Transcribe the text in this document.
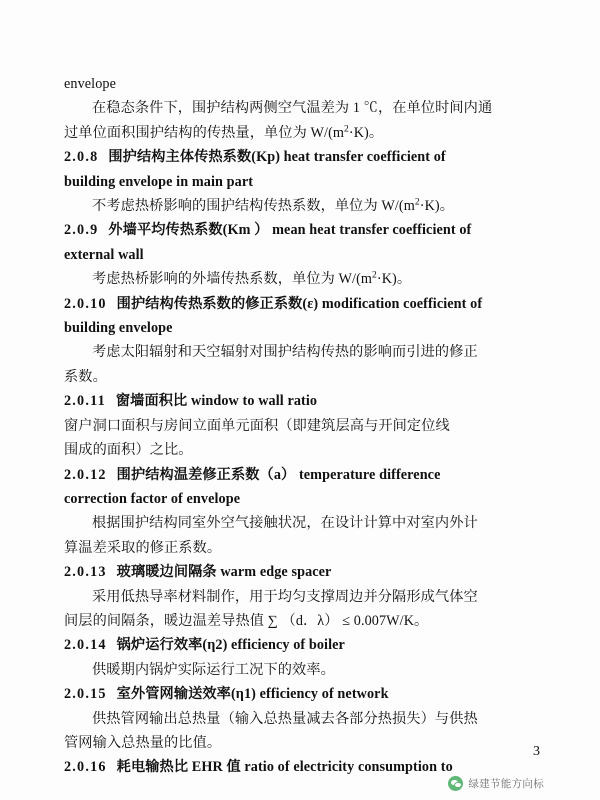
envelope

在稳态条件下，围护结构两侧空气温差为 1 ℃，在单位时间内通

过单位面积围护结构的传热量，单位为 $W/(m^2\cdot K)$。

2.0.8 围护结构主体传热系数(Kp) heat transfer coefficient of

building envelope in main part

不考虑热桥影响的围护结构传热系数，单位为 $W/(m^2\cdot K)$。

2.0.9 外墙平均传热系数(Km ） mean heat transfer coefficient of

external wall

考虑热桥影响的外墙传热系数，单位为 $W/(m^2\cdot K)$。

2.0.10 围护结构传热系数的修正系数(ε) modification coefficient of

building envelope

考虑太阳辐射和天空辐射对围护结构传热的影响而引进的修正

系数。

2.0.11 窗墙面积比 window to wall ratio

窗户洞口面积与房间立面单元面积（即建筑层高与开间定位线

围成的面积）之比。

2.0.12 围护结构温差修正系数（a） temperature difference

correction factor of envelope

根据围护结构同室外空气接触状况，在设计计算中对室内外计

算温差采取的修正系数。

2.0.13 玻璃暖边间隔条 warm edge spacer

采用低热导率材料制作，用于均匀支撑周边并分隔形成气体空

间层的间隔条，暖边温差导热值 ∑ （d．λ） ≤ 0.007W/K。

2.0.14 锅炉运行效率(η2) efficiency of boiler

供暖期内锅炉实际运行工况下的效率。

2.0.15 室外管网输送效率(η1) efficiency of network

供热管网输出总热量（输入总热量减去各部分热损失）与供热

管网输入总热量的比值。

2.0.16 耗电输热比 EHR 值 ratio of electricity consumption to

3
绿建节能方向标
